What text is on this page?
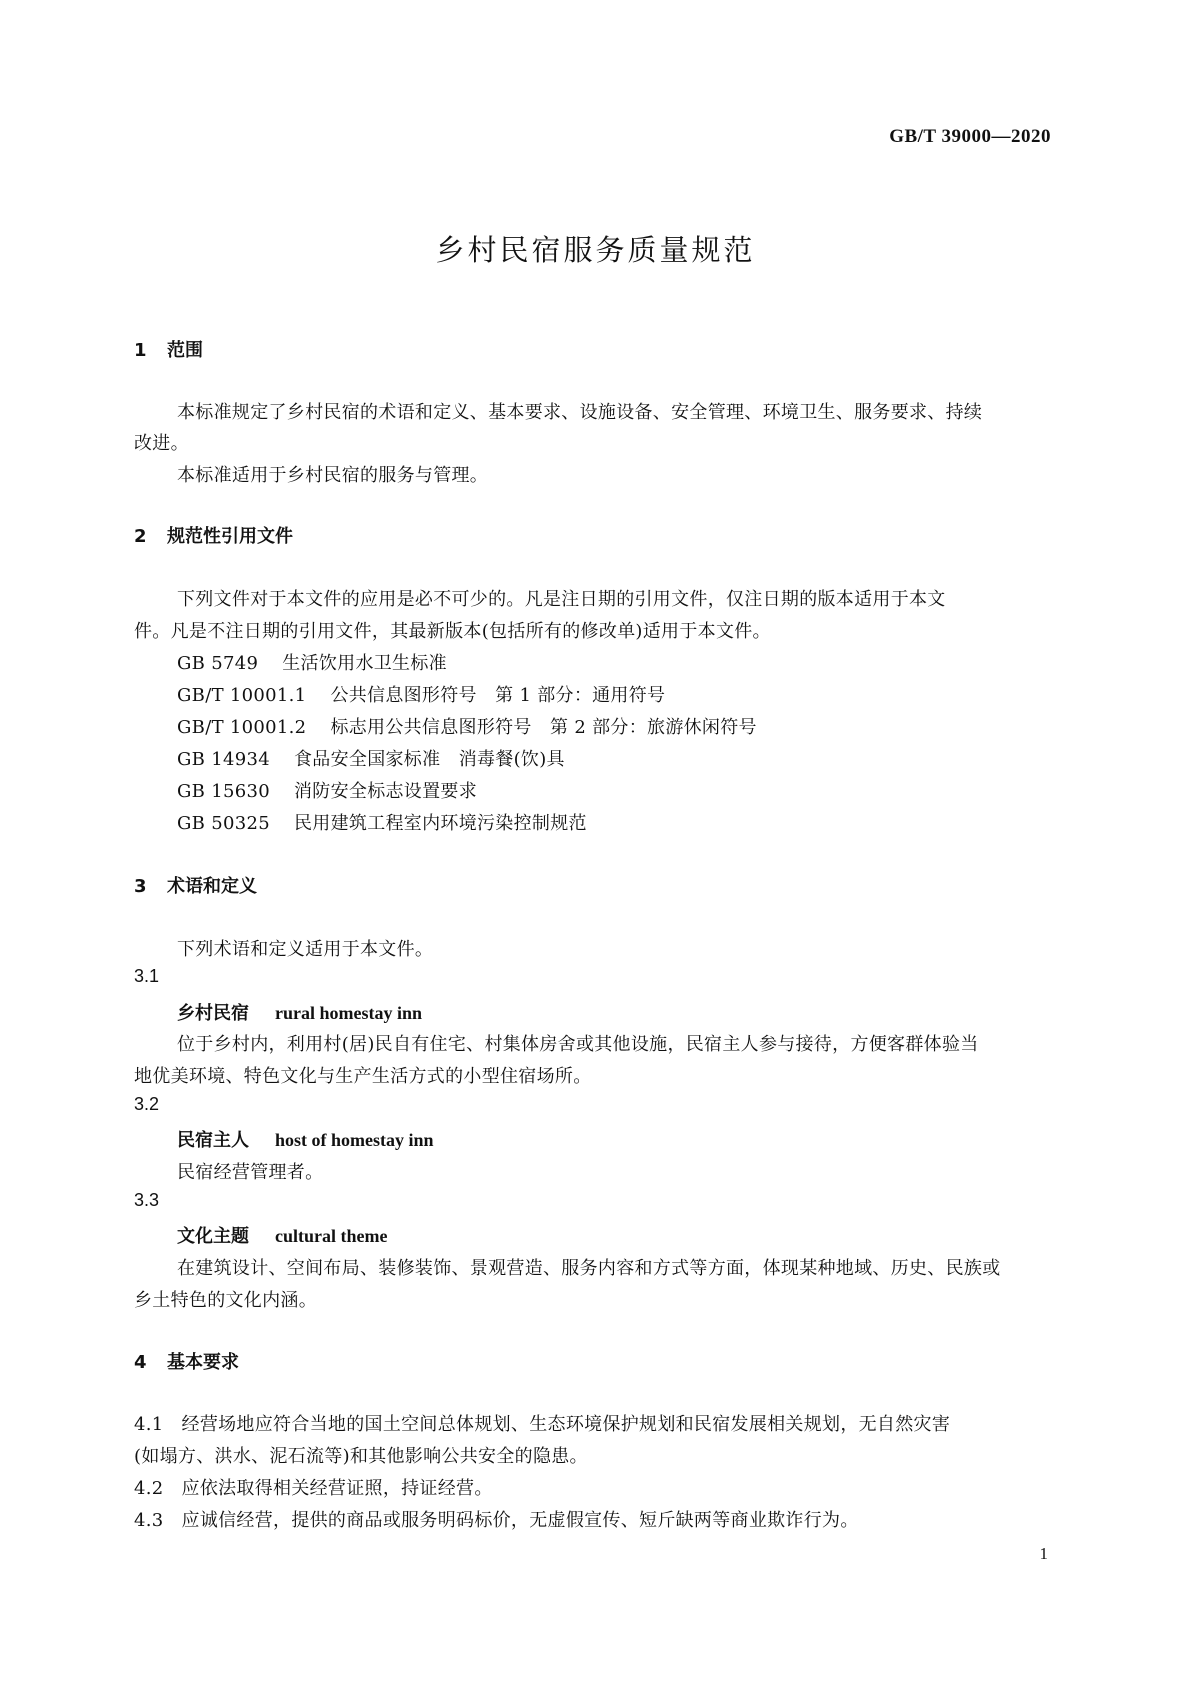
GB/T 39000—2020
乡村民宿服务质量规范
1 范围
本标准规定了乡村民宿的术语和定义、基本要求、设施设备、安全管理、环境卫生、服务要求、持续
改进。
本标准适用于乡村民宿的服务与管理。
2 规范性引用文件
下列文件对于本文件的应用是必不可少的。凡是注日期的引用文件，仅注日期的版本适用于本文
件。凡是不注日期的引用文件，其最新版本(包括所有的修改单)适用于本文件。
GB 5749 生活饮用水卫生标准
GB/T 10001.1 公共信息图形符号　第 1 部分：通用符号
GB/T 10001.2 标志用公共信息图形符号　第 2 部分：旅游休闲符号
GB 14934 食品安全国家标准　消毒餐(饮)具
GB 15630 消防安全标志设置要求
GB 50325 民用建筑工程室内环境污染控制规范
3 术语和定义
下列术语和定义适用于本文件。
3.1
乡村民宿 rural homestay inn
位于乡村内，利用村(居)民自有住宅、村集体房舍或其他设施，民宿主人参与接待，方便客群体验当
地优美环境、特色文化与生产生活方式的小型住宿场所。
3.2
民宿主人 host of homestay inn
民宿经营管理者。
3.3
文化主题 cultural theme
在建筑设计、空间布局、装修装饰、景观营造、服务内容和方式等方面，体现某种地域、历史、民族或
乡土特色的文化内涵。
4 基本要求
4.1 经营场地应符合当地的国土空间总体规划、生态环境保护规划和民宿发展相关规划，无自然灾害
(如塌方、洪水、泥石流等)和其他影响公共安全的隐患。
4.2 应依法取得相关经营证照，持证经营。
4.3 应诚信经营，提供的商品或服务明码标价，无虚假宣传、短斤缺两等商业欺诈行为。
1
